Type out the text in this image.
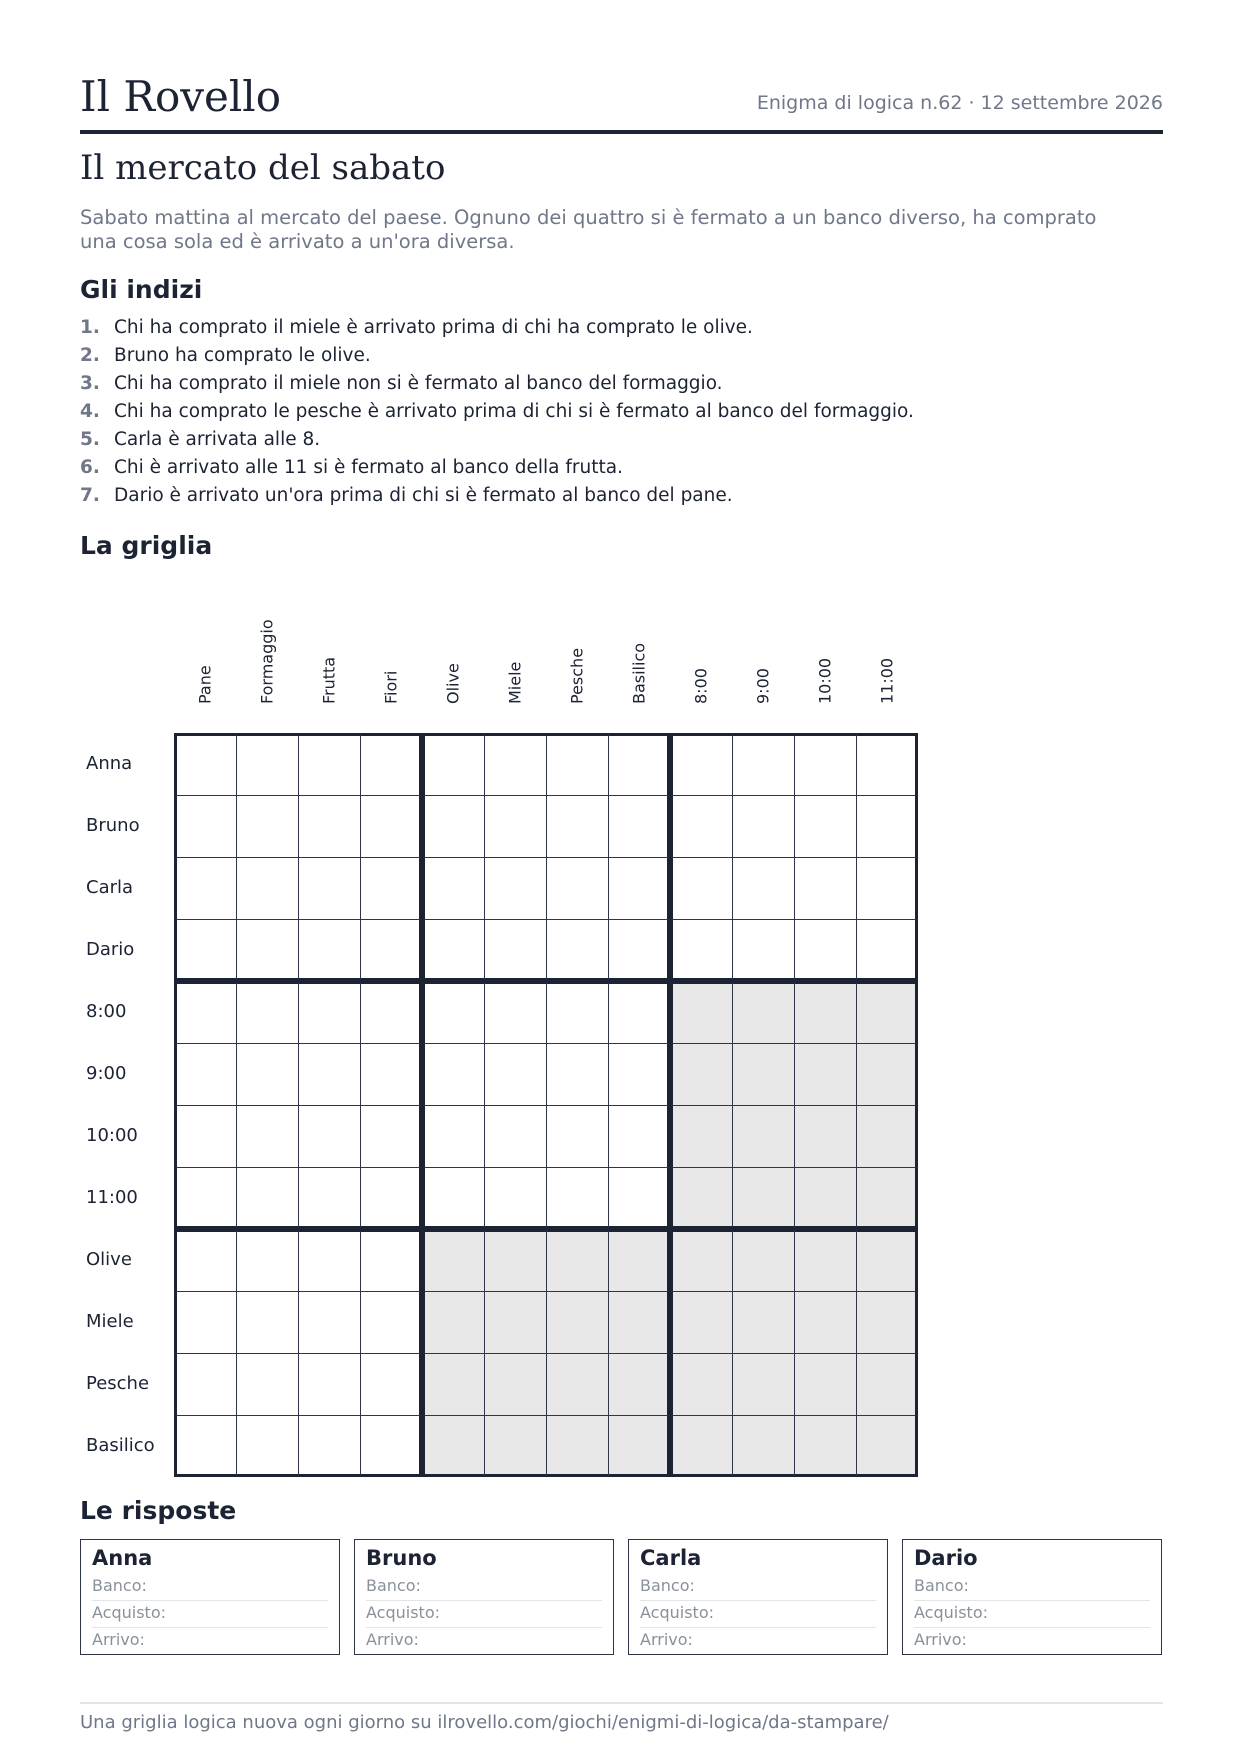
Il Rovello	Enigma di logica n.62 · 12 settembre 2026
Il mercato del sabato
Sabato mattina al mercato del paese. Ognuno dei quattro si è fermato a un banco diverso, ha comprato una cosa sola ed è arrivato a un'ora diversa.
Gli indizi
1. Chi ha comprato il miele è arrivato prima di chi ha comprato le olive.
2. Bruno ha comprato le olive.
3. Chi ha comprato il miele non si è fermato al banco del formaggio.
4. Chi ha comprato le pesche è arrivato prima di chi si è fermato al banco del formaggio.
5. Carla è arrivata alle 8.
6. Chi è arrivato alle 11 si è fermato al banco della frutta.
7. Dario è arrivato un'ora prima di chi si è fermato al banco del pane.
La griglia
Pane	Formaggio	Frutta	Fiori	Olive	Miele	Pesche	Basilico	8:00	9:00	10:00	11:00
Anna
Bruno
Carla
Dario
8:00
9:00
10:00
11:00
Olive
Miele
Pesche
Basilico
Le risposte
Anna
Banco:
Acquisto:
Arrivo:
Bruno
Banco:
Acquisto:
Arrivo:
Carla
Banco:
Acquisto:
Arrivo:
Dario
Banco:
Acquisto:
Arrivo:
Una griglia logica nuova ogni giorno su ilrovello.com/giochi/enigmi-di-logica/da-stampare/
